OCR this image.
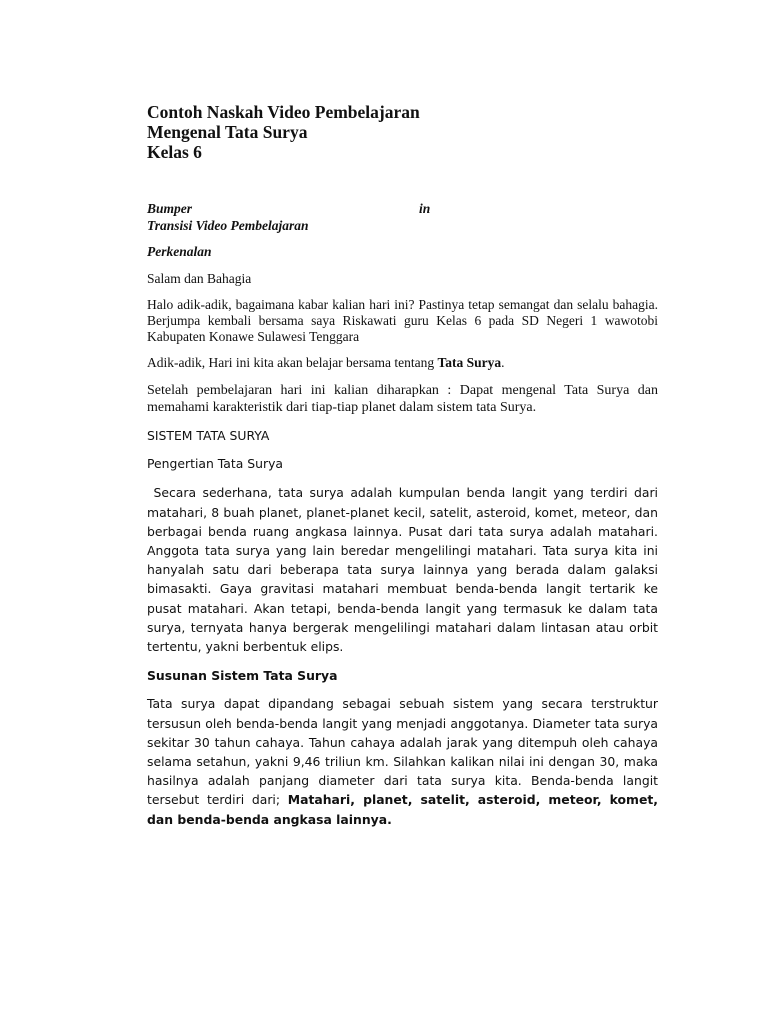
Contoh Naskah Video Pembelajaran
Mengenal Tata Surya
Kelas 6
Bumper	in
Transisi Video Pembelajaran
Perkenalan
Salam dan Bahagia
Halo adik-adik, bagaimana kabar kalian hari ini? Pastinya tetap semangat dan selalu bahagia. Berjumpa kembali bersama saya Riskawati guru Kelas 6 pada SD Negeri 1 wawotobi Kabupaten Konawe Sulawesi Tenggara
Adik-adik, Hari ini kita akan belajar bersama tentang Tata Surya.
Setelah pembelajaran hari ini kalian diharapkan : Dapat mengenal Tata Surya dan memahami karakteristik dari tiap-tiap planet dalam sistem tata Surya.
SISTEM TATA SURYA
Pengertian Tata Surya
Secara sederhana, tata surya adalah kumpulan benda langit yang terdiri dari matahari, 8 buah planet, planet-planet kecil, satelit, asteroid, komet, meteor, dan berbagai benda ruang angkasa lainnya. Pusat dari tata surya adalah matahari. Anggota tata surya yang lain beredar mengelilingi matahari. Tata surya kita ini hanyalah satu dari beberapa tata surya lainnya yang berada dalam galaksi bimasakti. Gaya gravitasi matahari membuat benda-benda langit tertarik ke pusat matahari. Akan tetapi, benda-benda langit yang termasuk ke dalam tata surya, ternyata hanya bergerak mengelilingi matahari dalam lintasan atau orbit tertentu, yakni berbentuk elips.
Susunan Sistem Tata Surya
Tata surya dapat dipandang sebagai sebuah sistem yang secara terstruktur tersusun oleh benda-benda langit yang menjadi anggotanya. Diameter tata surya sekitar 30 tahun cahaya. Tahun cahaya adalah jarak yang ditempuh oleh cahaya selama setahun, yakni 9,46 triliun km. Silahkan kalikan nilai ini dengan 30, maka hasilnya adalah panjang diameter dari tata surya kita. Benda-benda langit tersebut terdiri dari; Matahari, planet, satelit, asteroid, meteor, komet, dan benda-benda angkasa lainnya.
